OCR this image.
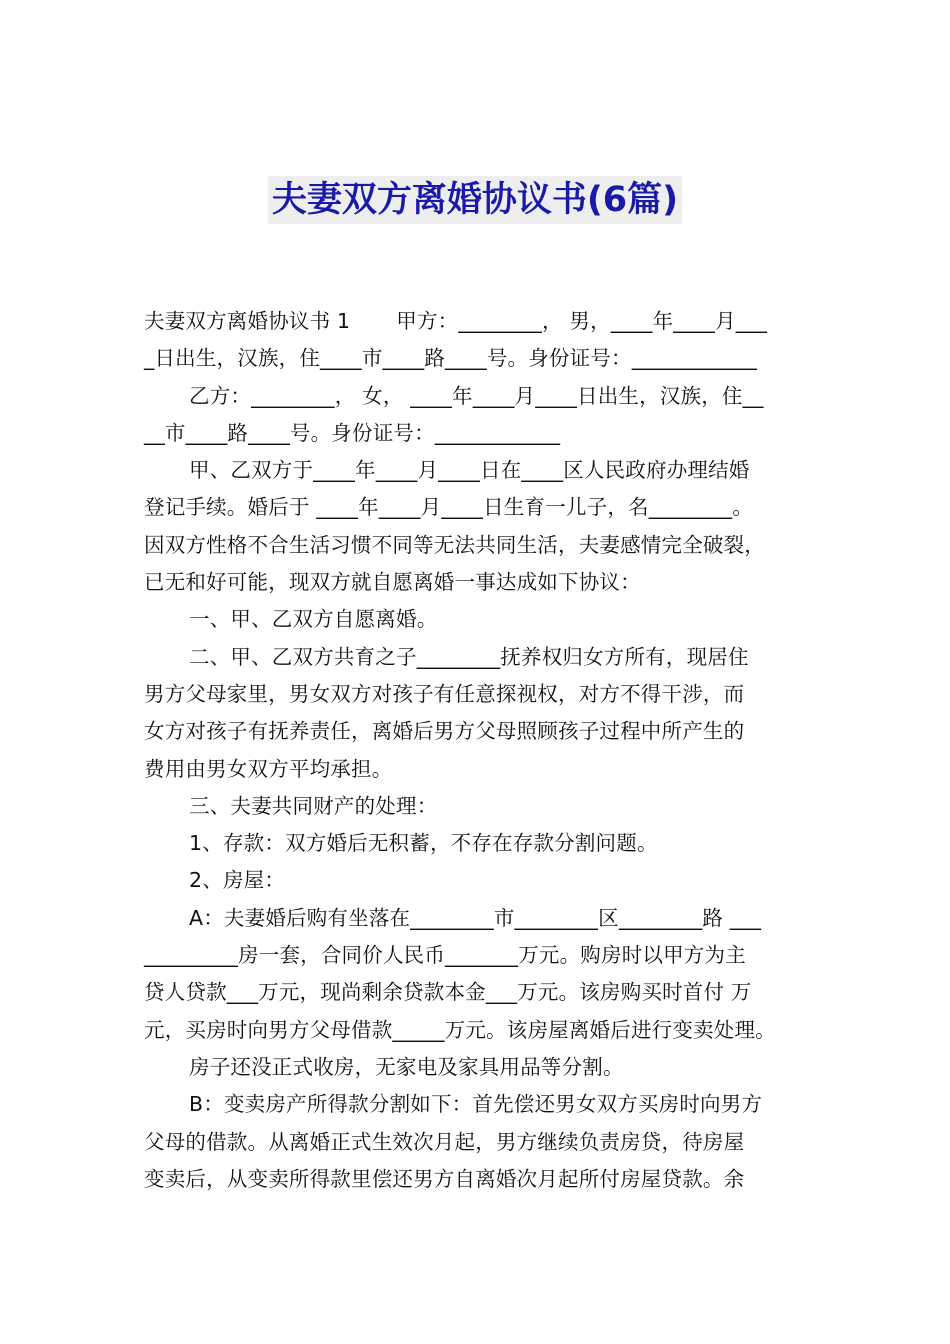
夫妻双方离婚协议书(6篇)
夫妻双方离婚协议书 1 甲方：________， 男，____年____月___
_日出生，汉族，住____市____路____号。身份证号：____________
乙方：________， 女， ____年____月____日出生，汉族，住__
__市____路____号。身份证号：____________
甲、乙双方于____年____月____日在____区人民政府办理结婚
登记手续。婚后于 ____年____月____日生育一儿子，名________。
因双方性格不合生活习惯不同等无法共同生活，夫妻感情完全破裂，
已无和好可能，现双方就自愿离婚一事达成如下协议：
一、甲、乙双方自愿离婚。
二、甲、乙双方共育之子________抚养权归女方所有，现居住
男方父母家里，男女双方对孩子有任意探视权，对方不得干涉，而
女方对孩子有抚养责任，离婚后男方父母照顾孩子过程中所产生的
费用由男女双方平均承担。
三、夫妻共同财产的处理：
1、存款：双方婚后无积蓄，不存在存款分割问题。
2、房屋：
A：夫妻婚后购有坐落在________市________区________路 ___
_________房一套，合同价人民币_______万元。购房时以甲方为主
贷人贷款___万元，现尚剩余贷款本金___万元。该房购买时首付 万
元，买房时向男方父母借款_____万元。该房屋离婚后进行变卖处理。
房子还没正式收房，无家电及家具用品等分割。
B：变卖房产所得款分割如下：首先偿还男女双方买房时向男方
父母的借款。从离婚正式生效次月起，男方继续负责房贷，待房屋
变卖后，从变卖所得款里偿还男方自离婚次月起所付房屋贷款。余
